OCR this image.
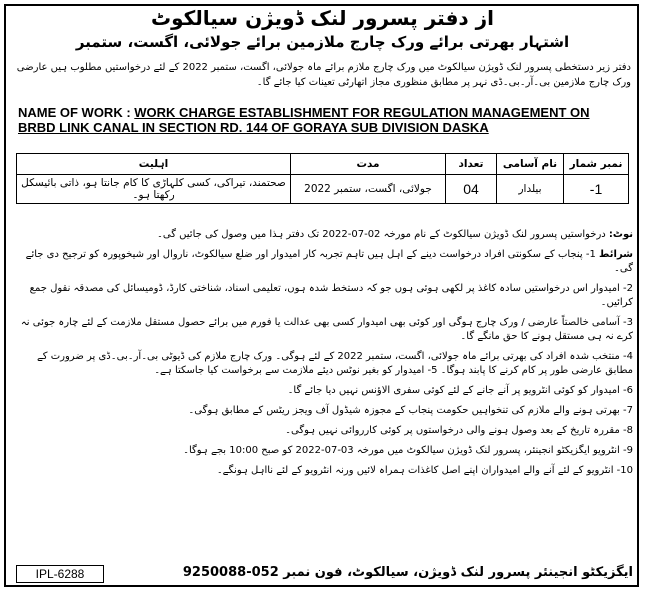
از دفتر پسرور لنک ڈویژن سیالکوٹ
اشتہار بھرتی برائے ورک چارج ملازمین برائے جولائی، اگست، ستمبر
دفتر زیر دستخطی پسرور لنک ڈویژن سیالکوٹ میں ورک چارج ملازم برائے ماہ جولائی، اگست، ستمبر 2022 کے لئے درخواستیں مطلوب ہیں عارضی ورک چارج ملازمین بی۔آر۔بی۔ڈی نہر پر مطابق منظوری مجاز اتھارٹی تعینات کیا جائے گا۔
NAME OF WORK : WORK CHARGE ESTABLISHMENT FOR REGULATION MANAGEMENT ON BRBD LINK CANAL IN SECTION RD. 144 OF GORAYA SUB DIVISION DASKA
نمبر شمار	نام آسامی	تعداد	مدت	اہلیت
1-	بیلدار	04	جولائی، اگست، ستمبر 2022	صحتمند، تیراکی، کسی کلہاڑی کا کام جانتا ہو، ذاتی بائیسکل رکھتا ہو۔

نوٹ: درخواستیں پسرور لنک ڈویژن سیالکوٹ کے نام مورخہ 02-07-2022 تک دفتر ہذا میں وصول کی جائیں گی۔

شرائط 1- پنجاب کے سکونتی افراد درخواست دینے کے اہل ہیں تاہم تجربہ کار امیدوار اور ضلع سیالکوٹ، ناروال اور شیخوپورہ کو ترجیح دی جائے گی۔

2- امیدوار اس درخواستیں سادہ کاغذ پر لکھی ہوئی ہوں جو کہ دستخط شدہ ہوں، تعلیمی اسناد، شناختی کارڈ، ڈومیسائل کی مصدقہ نقول جمع کرائیں۔

3- آسامی خالصتاً عارضی / ورک چارج ہوگی اور کوئی بھی امیدوار کسی بھی عدالت یا فورم میں برائے حصول مستقل ملازمت کے لئے چارہ جوئی نہ کرے نہ ہی مستقل ہونے کا حق مانگے گا۔

4- منتخب شدہ افراد کی بھرتی برائے ماہ جولائی، اگست، ستمبر 2022 کے لئے ہوگی۔ ورک چارج ملازم کی ڈیوٹی بی۔آر۔بی۔ڈی پر ضرورت کے مطابق عارضی طور پر کام کرنے کا پابند ہوگا۔ 5- امیدوار کو بغیر نوٹس دیئے ملازمت سے برخواست کیا جاسکتا ہے۔

6- امیدوار کو کوئی انٹرویو پر آنے جانے کے لئے کوئی سفری الاؤنس نہیں دیا جائے گا۔

7- بھرتی ہونے والے ملازم کی تنخواہیں حکومت پنجاب کے مجوزہ شیڈول آف ویجز ریٹس کے مطابق ہوگی۔

8- مقررہ تاریخ کے بعد وصول ہونے والی درخواستوں پر کوئی کارروائی نہیں ہوگی۔

9- انٹرویو ایگزیکٹو انجینئر، پسرور لنک ڈویژن سیالکوٹ میں مورخہ 03-07-2022 کو صبح 10:00 بجے ہوگا۔

10- انٹرویو کے لئے آنے والے امیدواران اپنے اصل کاغذات ہمراہ لائیں ورنہ انٹرویو کے لئے نااہل ہونگے۔

IPL-6288	ایگزیکٹو انجینئر پسرور لنک ڈویژن، سیالکوٹ، فون نمبر 052-9250088
